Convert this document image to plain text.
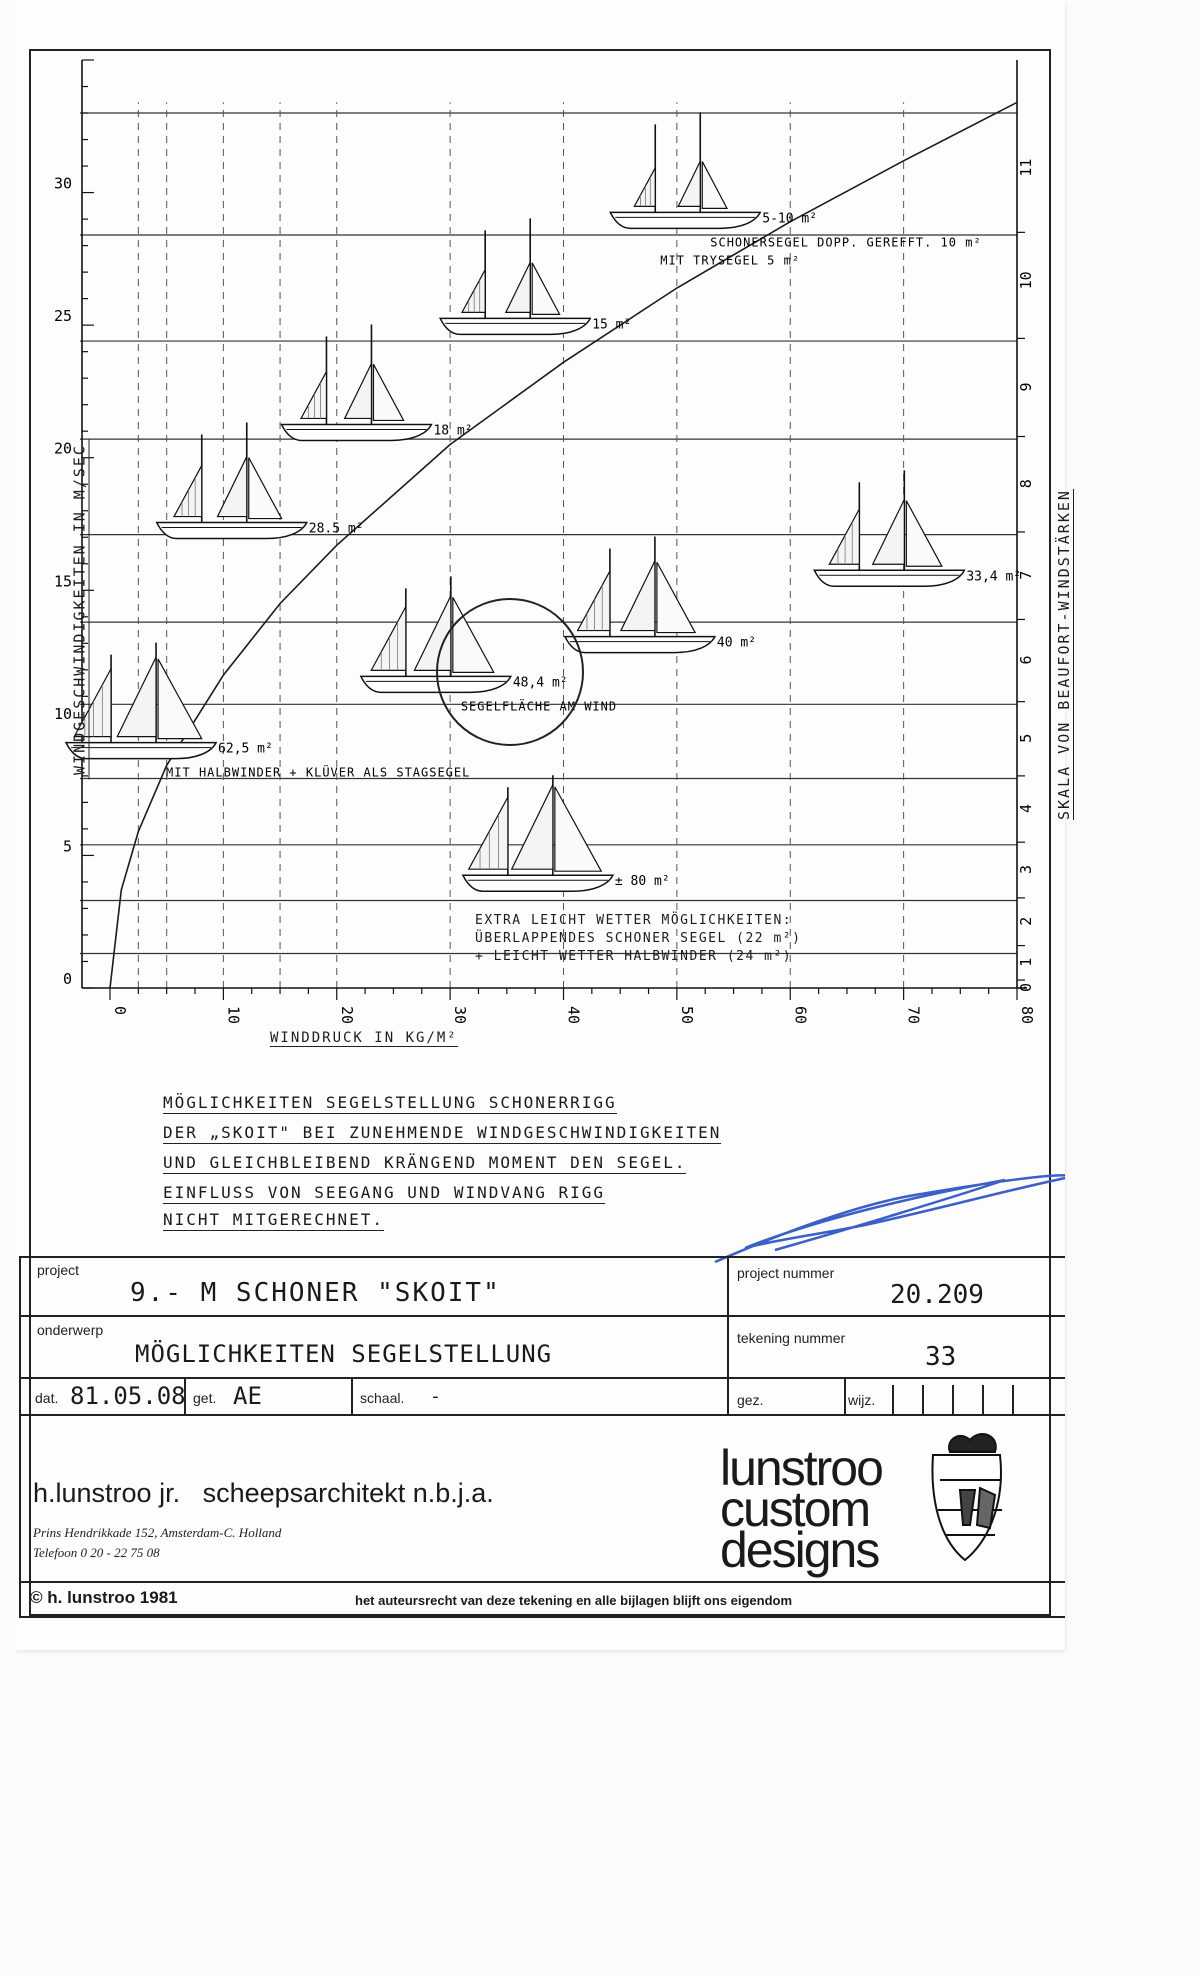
0
5
10
15
20
25
30
0	10	20	30	40	50	60	70	80
0
1
2
3
4
5
6
7
8
9
10
11
5-10 m²
SCHONERSEGEL DOPP. GEREFFT. 10 m²
MIT TRYSEGEL 5 m²
15 m²
18 m²
28.5 m²
33,4 m²
40 m²
48,4 m²
SEGELFLÄCHE AM WIND
62,5 m²
MIT HALBWINDER + KLÜVER ALS STAGSEGEL
± 80 m²
WINDDRUCK IN KG/M²
WINDGESCHWINDIGKEITEN IN M/SEC	SKALA VON BEAUFORT-WINDSTÄRKEN
EXTRA LEICHT WETTER MÖGLICHKEITEN:
ÜBERLAPPENDES SCHONER SEGEL (22 m²)
+ LEICHT WETTER HALBWINDER (24 m²)
MÖGLICHKEITEN SEGELSTELLUNG SCHONERRIGG
DER „SKOIT" BEI ZUNEHMENDE WINDGESCHWINDIGKEITEN
UND GLEICHBLEIBEND KRÄNGEND MOMENT DEN SEGEL.
EINFLUSS VON SEEGANG UND WINDVANG RIGG
NICHT MITGERECHNET.
project
9.- M SCHONER "SKOIT"
project nummer
20.209
onderwerp
MÖGLICHKEITEN SEGELSTELLUNG
tekening nummer
33
dat. 81.05.08 get. AE	schaal. -	gez.	wijz.
h.lunstroo jr. scheepsarchitekt n.b.j.a.
Prins Hendrikkade 152, Amsterdam-C. Holland
Telefoon 0 20 - 22 75 08
lunstroo
custom
designs
© h. lunstroo 1981	het auteursrecht van deze tekening en alle bijlagen blijft ons eigendom
